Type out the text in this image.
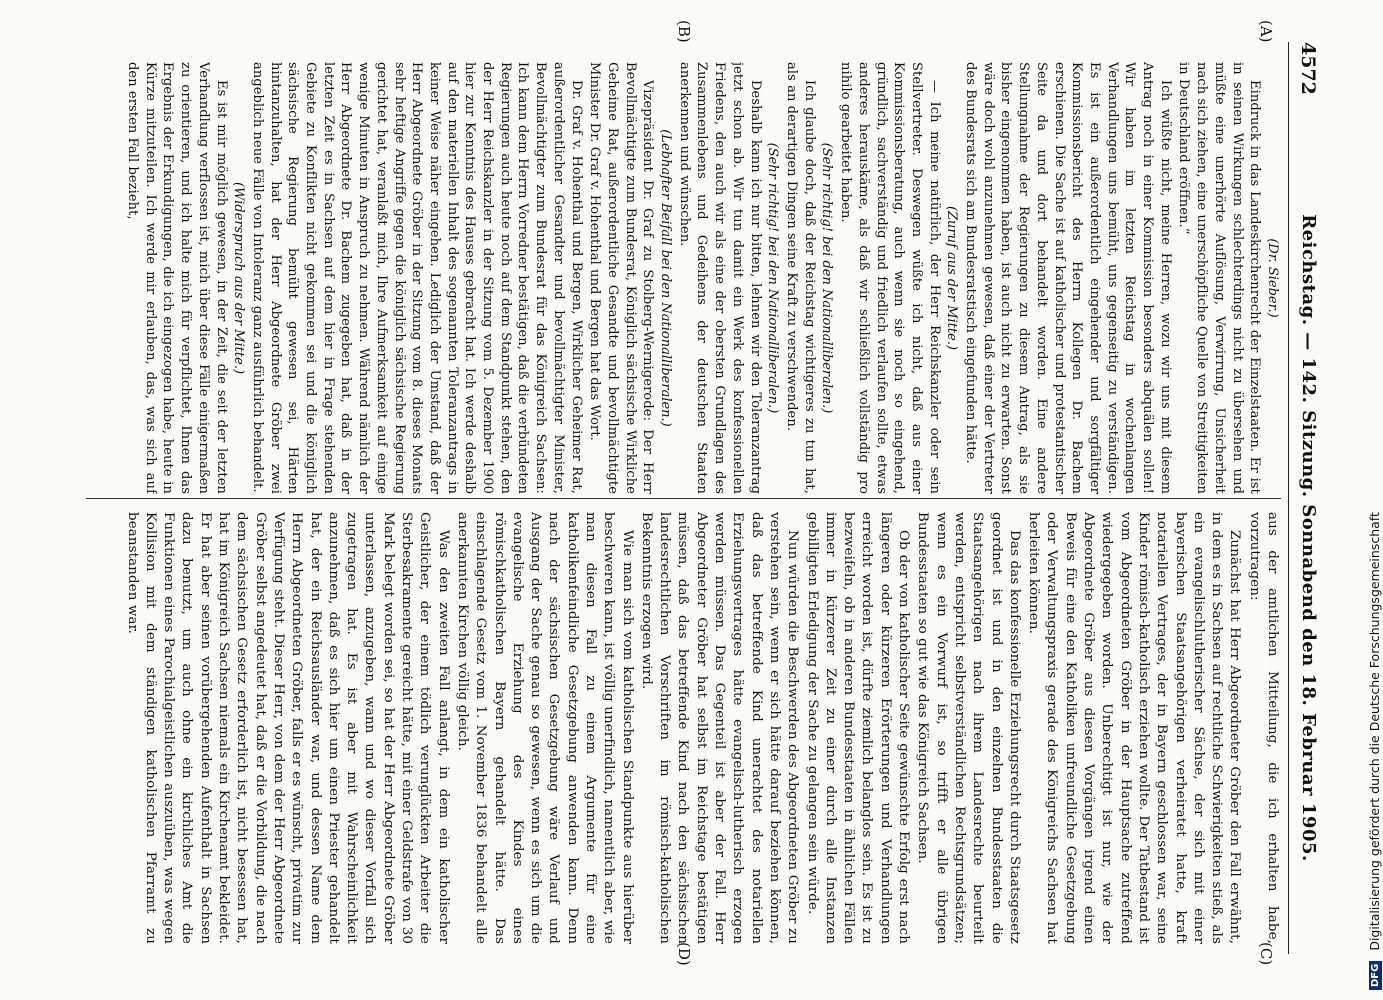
4572
Reichstag. — 142. Sitzung. Sonnabend den 18. Februar 1905.
(A)
(B)
(C)
(D)

(Dr. Sieber.)

Eindruck in das Landeskirchenrecht der Einzelstaaten. Er ist in seinen Wirkungen schlechterdings nicht zu übersehen und müßte eine unerhörte Auflösung, Verwirrung, Unsicherheit nach sich ziehen, eine unerschöpfliche Quelle von Streitigkeiten in Deutschland eröffnen.“

Ich wüßte nicht, meine Herren, wozu wir uns mit diesem Antrag noch in einer Kommission besonders abquälen sollen! Wir haben im letzten Reichstag in wochenlangen Verhandlungen uns bemüht, uns gegenseitig zu verständigen. Es ist ein außerordentlich eingehender und sorgfältiger Kommissionsbericht des Herrn Kollegen Dr. Bachem erschienen. Die Sache ist auf katholischer und protestantischer Seite da und dort behandelt worden. Eine andere Stellungnahme der Regierungen zu diesem Antrag, als sie bisher eingenommen haben, ist auch nicht zu erwarten. Sonst wäre doch wohl anzunehmen gewesen, daß einer der Vertreter des Bundesrats sich am Bundesratstisch eingefunden hätte.

(Zuruf aus der Mitte.)

— Ich meine natürlich, der Herr Reichskanzler oder sein Stellvertreter. Deswegen wüßte ich nicht, daß aus einer Kommissionsberatung, auch wenn sie noch so eingehend, gründlich, sachverständig und friedlich verlaufen sollte, etwas anderes herauskäme, als daß wir schließlich vollständig pro nihilo gearbeitet haben.

(Sehr richtig! bei den Nationalliberalen.)

Ich glaube doch, daß der Reichstag wichtigeres zu tun hat, als an derartigen Dingen seine Kraft zu verschwenden.

(Sehr richtig! bei den Nationalliberalen.)

Deshalb kann ich nur bitten, lehnen wir den Toleranzantrag jetzt schon ab. Wir tun damit ein Werk des konfessionellen Friedens, den auch wir als eine der obersten Grundlagen des Zusammenlebens und Gedeihens der deutschen Staaten anerkennen und wünschen.

(Lebhafter Beifall bei den Nationalliberalen.)

Vizepräsident Dr. Graf zu Stolberg-Wernigerode: Der Herr Bevollmächtigte zum Bundesrat, Königlich sächsische Wirkliche Geheime Rat, außerordentliche Gesandte und bevollmächtigte Minister Dr. Graf v. Hohenthal und Bergen hat das Wort.

Dr. Graf v. Hohenthal und Bergen, Wirklicher Geheimer Rat, außerordentlicher Gesandter und bevollmächtigter Minister, Bevollmächtigter zum Bundesrat für das Königreich Sachsen: Ich kann dem Herrn Vorredner bestätigen, daß die verbündeten Regierungen auch heute noch auf dem Standpunkt stehen, den der Herr Reichskanzler in der Sitzung vom 5. Dezember 1900 hier zur Kenntnis des Hauses gebracht hat. Ich werde deshalb auf den materiellen Inhalt des sogenannten Toleranzantrags in keiner Weise näher eingehen. Lediglich der Umstand, daß der Herr Abgeordnete Gröber in der Sitzung vom 8. dieses Monats sehr heftige Angriffe gegen die königlich sächsische Regierung gerichtet hat, veranlaßt mich, Ihre Aufmerksamkeit auf einige wenige Minuten in Anspruch zu nehmen. Während nämlich der Herr Abgeordnete Dr. Bachem zugegeben hat, daß in der letzten Zeit es in Sachsen auf dem hier in Frage stehenden Gebiete zu Konflikten nicht gekommen sei und die königlich sächsische Regierung bemüht gewesen sei, Härten hintanzuhalten, hat der Herr Abgeordnete Gröber zwei angeblich neue Fälle von Intoleranz ganz ausführlich behandelt.

(Widerspruch aus der Mitte.)

Es ist mir möglich gewesen, in der Zeit, die seit der letzten Verhandlung verflossen ist, mich über diese Fälle einigermaßen zu orientieren, und ich halte mich für verpflichtet, Ihnen das Ergebnis der Erkundigungen, die ich eingezogen habe, heute in Kürze mitzuteilen. Ich werde mir erlauben, das, was sich auf den ersten Fall bezieht,

aus der amtlichen Mitteilung, die ich erhalten habe, vorzutragen:

Zunächst hat Herr Abgeordneter Gröber den Fall erwähnt, in dem es in Sachsen auf rechtliche Schwierigkeiten stieß, als ein evangelischlutherischer Sächse, der sich mit einer bayerischen Staatsangehörigen verheiratet hatte, kraft notariellen Vertrages, der in Bayern geschlossen war, seine Kinder römisch-katholisch erziehen wollte. Der Tatbestand ist vom Abgeordneten Gröber in der Hauptsache zutreffend wiedergegeben worden. Unberechtigt ist nur, wie der Abgeordnete Gröber aus diesen Vorgängen irgend einen Beweis für eine den Katholiken unfreundliche Gesetzgebung oder Verwaltungspraxis gerade des Königreichs Sachsen hat herleiten können.

Das das konfessionelle Erziehungsrecht durch Staatsgesetz geordnet ist und in den einzelnen Bundesstaaten die Staatsangehörigen nach ihrem Landesrechte beurteilt werden, entspricht selbstverständlichen Rechtsgrundsätzen; wenn es ein Vorwurf ist, so trifft er alle übrigen Bundesstaaten so gut wie das Königreich Sachsen.

Ob der von katholischer Seite gewünschte Erfolg erst nach längeren oder kürzeren Erörterungen und Verhandlungen erreicht worden ist, dürfte ziemlich belanglos sein. Es ist zu bezweifeln, ob in anderen Bundesstaaten in ähnlichen Fällen immer in kürzerer Zeit zu einer durch alle Instanzen gebilligten Erledigung der Sache zu gelangen sein würde.

Nun würden die Beschwerden des Abgeordneten Gröber zu verstehen sein, wenn er sich hätte darauf beziehen können, daß das betreffende Kind unerachtet des notariellen Erziehungsvertrages hätte evangelisch-lutherisch erzogen werden müssen. Das Gegenteil ist aber der Fall. Herr Abgeordneter Gröber hat selbst im Reichstage bestätigen müssen, daß das betreffende Kind nach den sächsischen landesrechtlichen Vorschriften im römisch-katholischen Bekenntnis erzogen wird.

Wie man sich vom katholischen Standpunkte aus hierüber beschweren kann, ist völlig unerfindlich, namentlich aber, wie man diesen Fall zu einem Argumente für eine katholikenfeindliche Gesetzgebung anwenden kann. Denn nach der sächsischen Gesetzgebung wäre Verlauf und Ausgang der Sache genau so gewesen, wenn es sich um die evangelische Erziehung des Kindes eines römischkatholischen Bayern gehandelt hätte. Das einschlagende Gesetz vom 1. November 1836 behandelt alle anerkannten Kirchen völlig gleich.

Was den zweiten Fall anlangt, in dem ein katholischer Geistlicher, der einem tödlich verunglückten Arbeiter die Sterbesakramente gereicht hätte, mit einer Geldstrafe von 30 Mark belegt worden sei, so hat der Herr Abgeordnete Gröber unterlassen, anzugeben, wann und wo dieser Vorfall sich zugetragen hat. Es ist aber mit Wahrscheinlichkeit anzunehmen, daß es sich hier um einen Priester gehandelt hat, der ein Reichsausländer war, und dessen Name dem Herrn Abgeordneten Gröber, falls er es wünscht, privatim zur Verfügung steht. Dieser Herr, von dem der Herr Abgeordnete Gröber selbst angedeutet hat, daß er die Vorbildung, die nach dem sächsischen Gesetz erforderlich ist, nicht besessen hat, hat im Königreich Sachsen niemals ein Kirchenamt bekleidet. Er hat aber seinen vorübergehenden Aufenthalt in Sachsen dazu benutzt, um auch ohne ein kirchliches Amt die Funktionen eines Parochialgeistlichen auszuüben, was wegen Kollision mit dem ständigen katholischen Pfarramt zu beanstanden war.

DFG Digitalisierung gefördert durch die Deutsche Forschungsgemeinschaft
